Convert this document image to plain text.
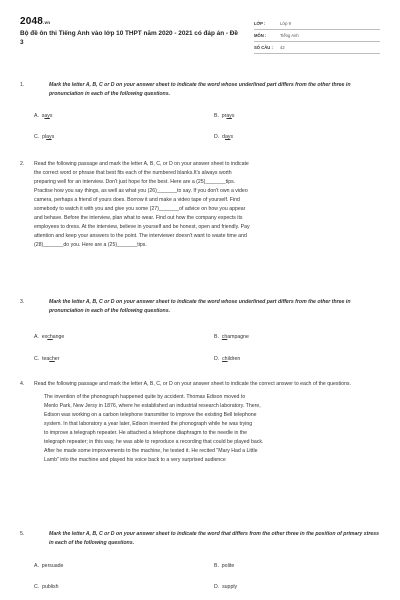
2048.vn
Bộ đề ôn thi Tiếng Anh vào lớp 10 THPT năm 2020 - 2021 có đáp án - Đề 3
LỚP :	Lớp 9
MÔN :	Tiếng Anh
SỐ CÂU :	42
1.	Mark the letter A, B, C or D on your answer sheet to indicate the word whose underlined part differs from the other three in pronunciation in each of the following questions.
A. says	B. prays
C. plays	D. days
2.	Read the following passage and mark the letter A, B, C, or D on your answer sheet to indicate
the correct word or phrase that best fits each of the numbered blanks.It's always worth
preparing well for an interview. Don't just hope for the best. Here are a (25)_______tips.
Practise how you say things, as well as what you (26)_______to say. If you don't own a video
camera, perhaps a friend of yours does. Borrow it and make a video tape of yourself. Find
somebody to watch it with you and give you some (27)_______of advice on how you appear
and behave. Before the interview, plan what to wear. Find out how the company expects its
employees to dress. At the interview, believe in yourself and be honest, open and friendly. Pay
attention and keep your answers to the point. The interviewer doesn't want to waste time and
(28)_______do you. Here are a (25)_______tips.
3.	Mark the letter A, B, C or D on your answer sheet to indicate the word whose underlined part differs from the other three in pronunciation in each of the following questions.
A. exchange	B. champagne
C. teacher	D. children
4.	Read the following passage and mark the letter A, B, C, or D on your answer sheet to indicate the correct answer to each of the questions.

The invention of the phonograph happened quite by accident. Thomas Edison moved to

Menlo Park, New Jersy in 1876, where he established an industrial research laboratory. There,

Edison was working on a carbon telephone transmitter to improve the existing Bell telephone

system. In that laboratory a year later, Edison invented the phonograph while he was trying

to improve a telegraph repeater. He attached a telephone diaphragm to the needle in the

telegraph repeater; in this way, he was able to reproduce a recording that could be played back.

After he made some improvements to the machine, he tested it. He recited "Mary Had a Little

Lamb" into the machine and played his voice back to a very surprised audience

5.	Mark the letter A, B, C or D on your answer sheet to indicate the word that differs from the other three in the position of primary stress in each of the following questions.
A. persuade	B. polite
C. publish	D. supply
